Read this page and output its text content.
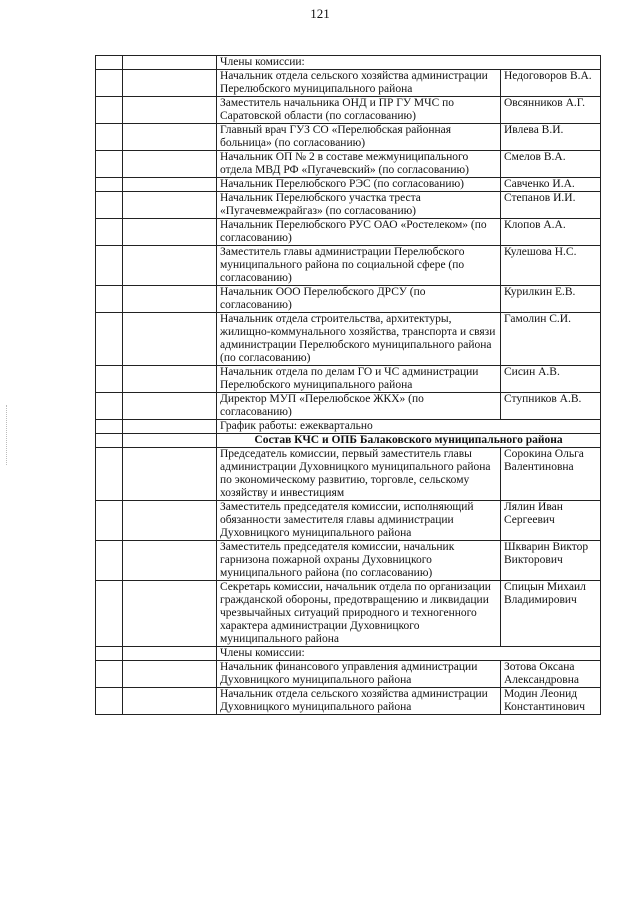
121
		Члены комиссии:	
		Начальник отдела сельского хозяйства администрации Перелюбского муниципального района	Недоговоров В.А.
		Заместитель начальника ОНД и ПР ГУ МЧС по Саратовской области (по согласованию)	Овсянников А.Г.
		Главный врач ГУЗ СО «Перелюбская районная больница» (по согласованию)	Ивлева В.И.
		Начальник ОП № 2 в составе межмуниципального отдела МВД РФ «Пугачевский» (по согласованию)	Смелов В.А.
		Начальник Перелюбского РЭС (по согласованию)	Савченко И.А.
		Начальник Перелюбского участка треста «Пугачевмежрайгаз» (по согласованию)	Степанов И.И.
		Начальник Перелюбского РУС ОАО «Ростелеком» (по согласованию)	Клопов А.А.
		Заместитель главы администрации Перелюбского муниципального района по социальной сфере (по согласованию)	Кулешова Н.С.
		Начальник ООО Перелюбского ДРСУ (по согласованию)	Курилкин Е.В.
		Начальник отдела строительства, архитектуры, жилищно-коммунального хозяйства, транспорта и связи администрации Перелюбского муниципального района (по согласованию)	Гамолин С.И.
		Начальник отдела по делам ГО и ЧС администрации Перелюбского муниципального района	Сисин А.В.
		Директор МУП «Перелюбское ЖКХ» (по согласованию)	Ступников А.В.
		График работы: ежеквартально	
		Состав КЧС и ОПБ Балаковского муниципального района	
		Председатель комиссии, первый заместитель главы администрации Духовницкого муниципального района по экономическому развитию, торговле, сельскому хозяйству и инвестициям	Сорокина Ольга Валентиновна
		Заместитель председателя комиссии, исполняющий обязанности заместителя главы администрации Духовницкого муниципального района	Лялин Иван Сергеевич
		Заместитель председателя комиссии, начальник гарнизона пожарной охраны Духовницкого муниципального района (по согласованию)	Шкварин Виктор Викторович
		Секретарь комиссии, начальник отдела по организации гражданской обороны, предотвращению и ликвидации чрезвычайных ситуаций природного и техногенного характера администрации Духовницкого муниципального района	Спицын Михаил Владимирович
		Члены комиссии:	
		Начальник финансового управления администрации Духовницкого муниципального района	Зотова Оксана Александровна
		Начальник отдела сельского хозяйства администрации Духовницкого муниципального района	Модин Леонид Константинович
